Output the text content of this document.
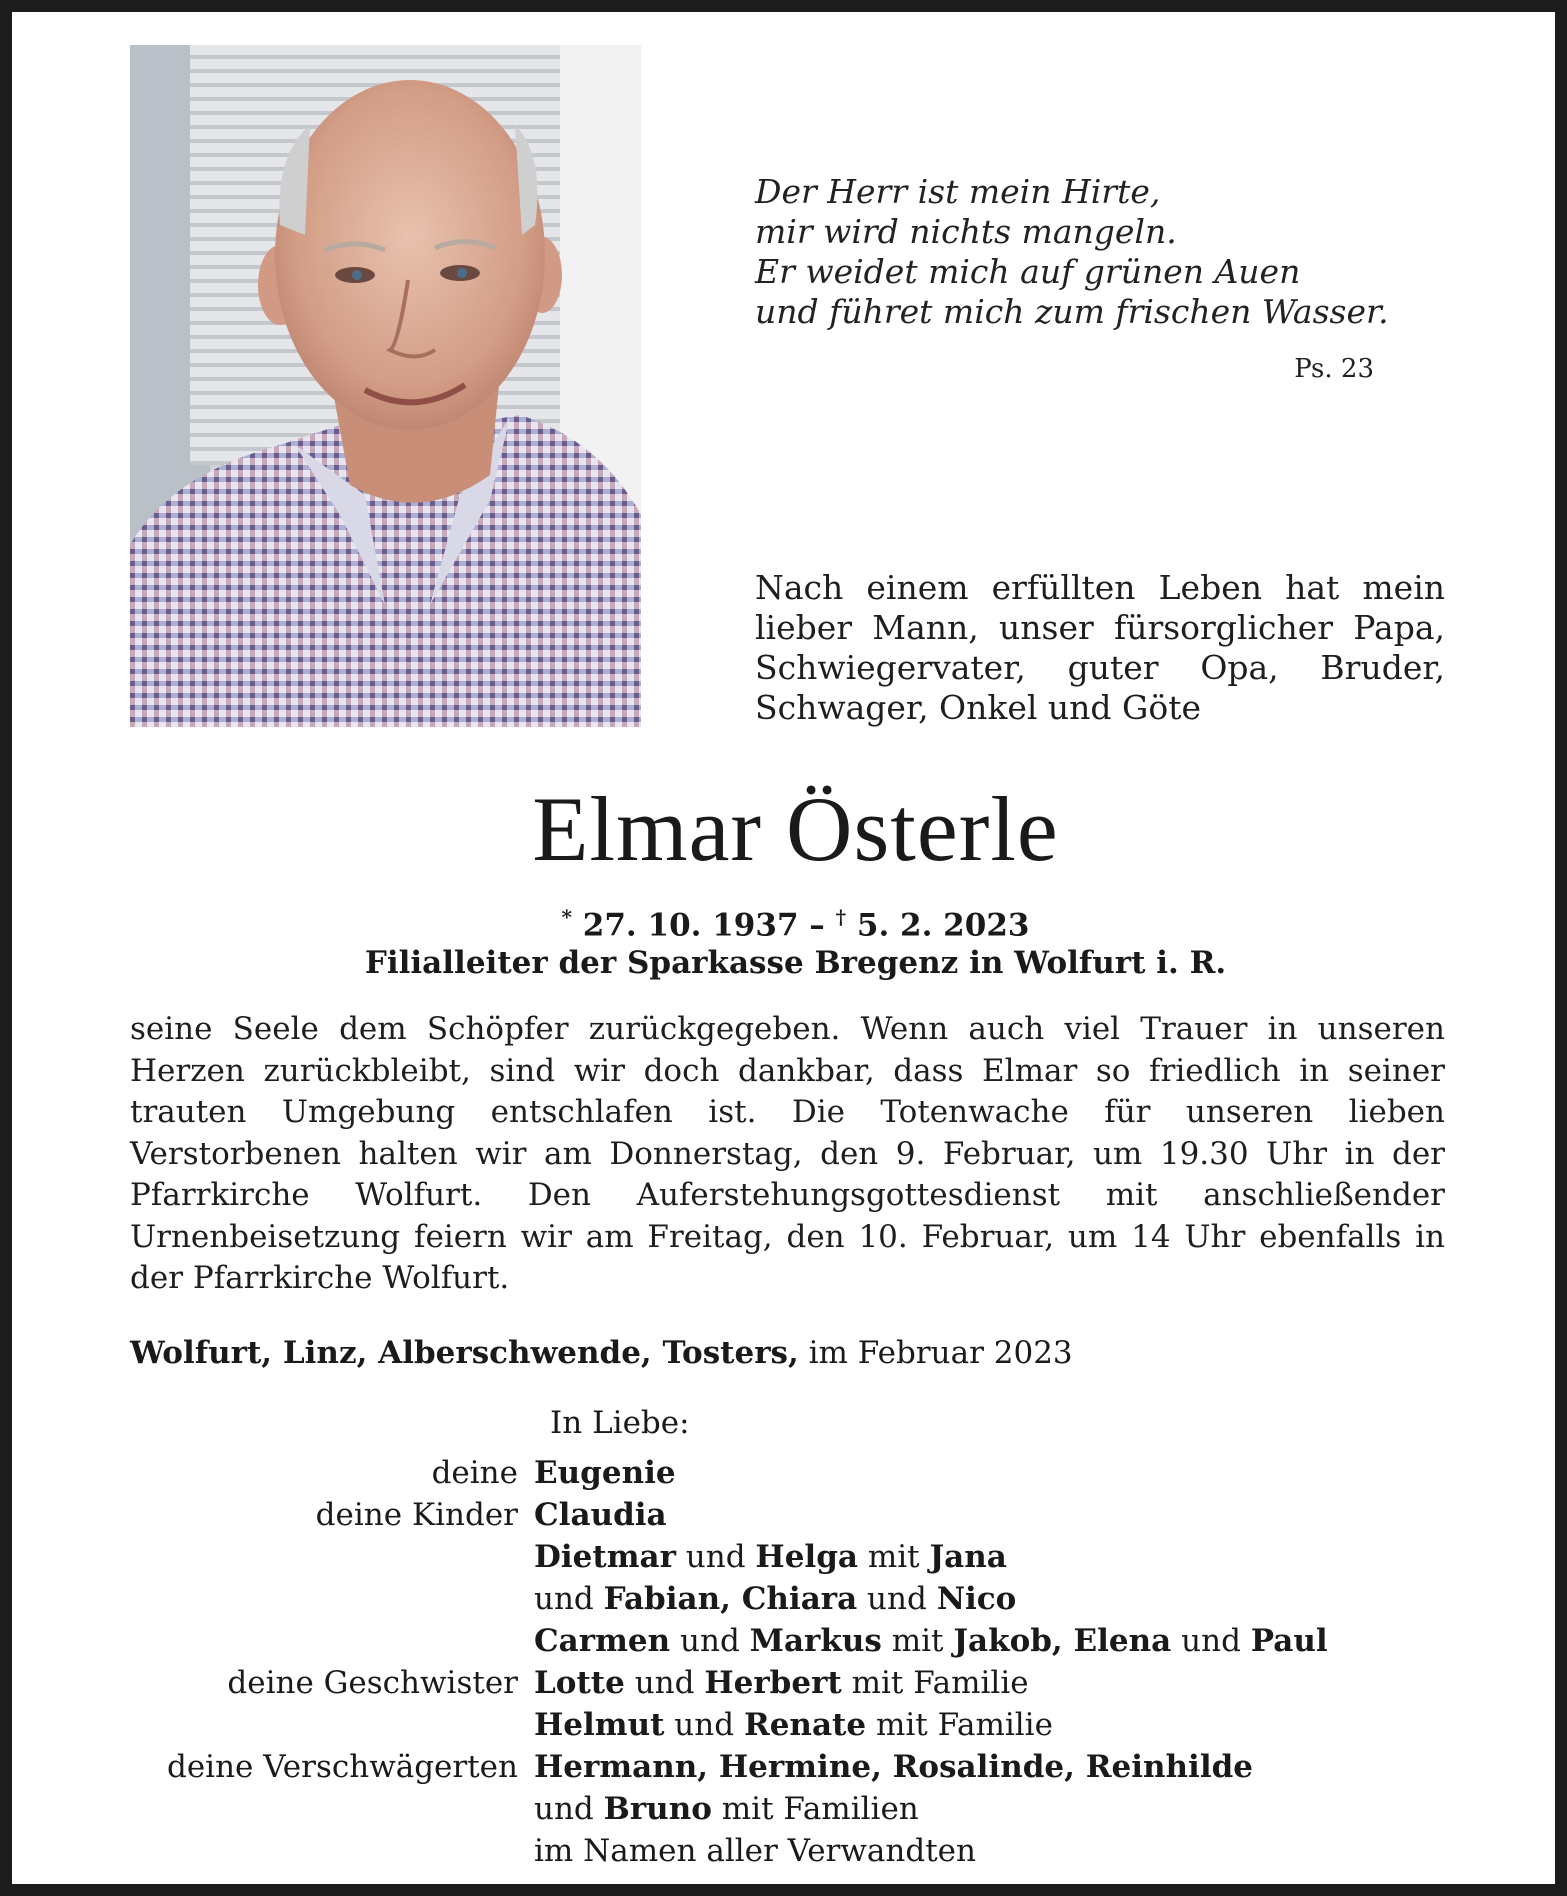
Der Herr ist mein Hirte,
mir wird nichts mangeln.
Er weidet mich auf grünen Auen
und führet mich zum frischen Wasser.
Ps. 23
Nach einem erfüllten Leben hat mein lieber Mann, unser fürsorglicher Papa, Schwiegervater, guter Opa, Bruder, Schwager, Onkel und Göte
Elmar Österle
* 27. 10. 1937 – † 5. 2. 2023
Filialleiter der Sparkasse Bregenz in Wolfurt i. R.
seine Seele dem Schöpfer zurückgegeben. Wenn auch viel Trauer in unseren Herzen zurückbleibt, sind wir doch dankbar, dass Elmar so friedlich in seiner trauten Umgebung entschlafen ist. Die Totenwache für unseren lieben Verstorbenen halten wir am Donnerstag, den 9. Februar, um 19.30 Uhr in der Pfarrkirche Wolfurt. Den Auferstehungsgottesdienst mit anschließender Urnenbeisetzung feiern wir am Freitag, den 10. Februar, um 14 Uhr ebenfalls in der Pfarrkirche Wolfurt.
Wolfurt, Linz, Alberschwende, Tosters, im Februar 2023
In Liebe:
deine Eugenie
deine Kinder Claudia
Dietmar und Helga mit Jana
und Fabian, Chiara und Nico
Carmen und Markus mit Jakob, Elena und Paul
deine Geschwister Lotte und Herbert mit Familie
Helmut und Renate mit Familie
deine Verschwägerten Hermann, Hermine, Rosalinde, Reinhilde
und Bruno mit Familien
im Namen aller Verwandten
